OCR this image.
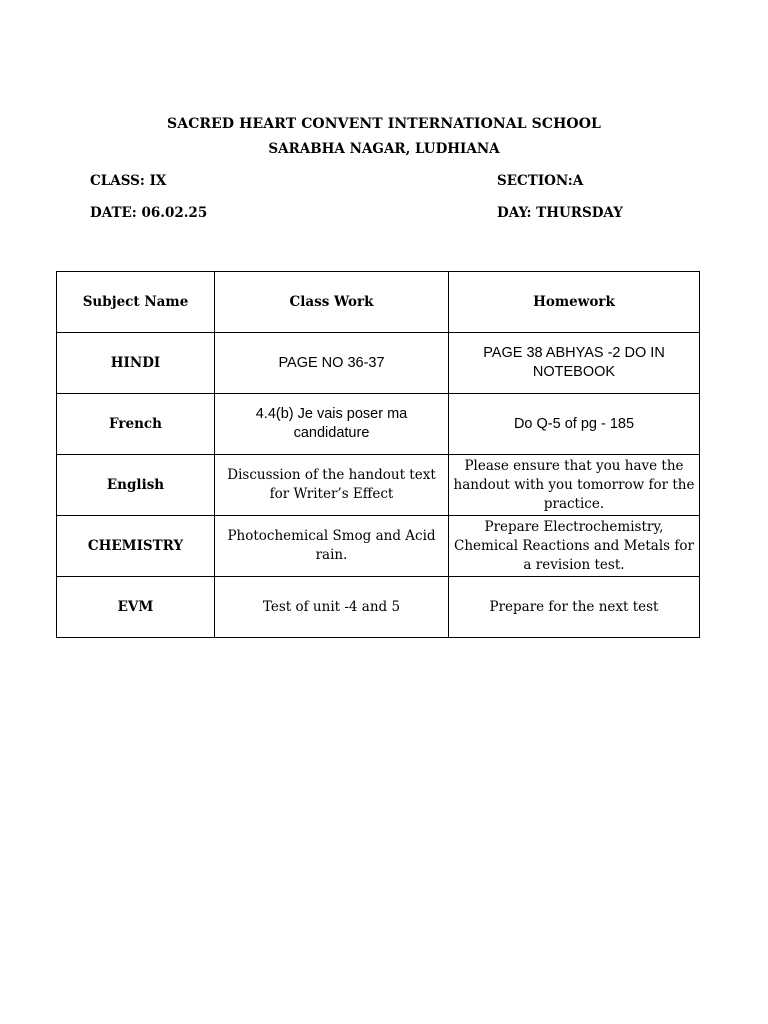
SACRED HEART CONVENT INTERNATIONAL SCHOOL
SARABHA NAGAR, LUDHIANA
CLASS: IX	SECTION:A
DATE: 06.02.25	DAY: THURSDAY
Subject Name	Class Work	Homework
HINDI	PAGE NO 36-37	PAGE 38 ABHYAS -2 DO IN NOTEBOOK
French	4.4(b) Je vais poser ma candidature	Do Q-5 of pg - 185
English	Discussion of the handout text for Writer’s Effect	Please ensure that you have the handout with you tomorrow for the practice.
CHEMISTRY	Photochemical Smog and Acid rain.	Prepare Electrochemistry, Chemical Reactions and Metals for a revision test.
EVM	Test of unit -4 and 5	Prepare for the next test
